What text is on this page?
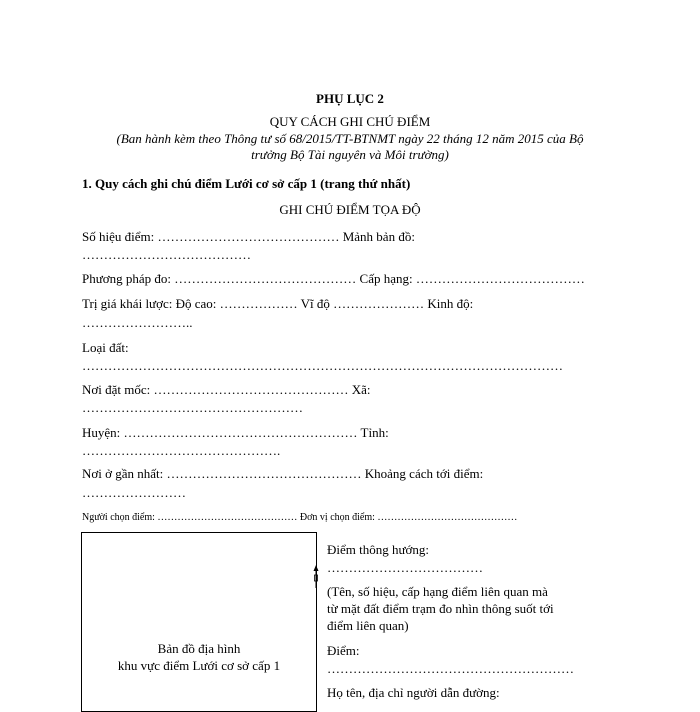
PHỤ LỤC 2
QUY CÁCH GHI CHÚ ĐIỂM
(Ban hành kèm theo Thông tư số 68/2015/TT-BTNMT ngày 22 tháng 12 năm 2015 của Bộ
trưởng Bộ Tài nguyên và Môi trường)
1. Quy cách ghi chú điểm Lưới cơ sở cấp 1 (trang thứ nhất)
GHI CHÚ ĐIỂM TỌA ĐỘ
Số hiệu điểm: …………………………………… Mảnh bản đồ:
…………………………………
Phương pháp đo: …………………………………… Cấp hạng: …………………………………
Trị giá khái lược: Độ cao: ……………… Vĩ độ ………………… Kinh độ:
……………………..
Loại đất:
…………………………………………………………………………………………………
Nơi đặt mốc: ……………………………………… Xã:
……………………………………………
Huyện: ……………………………………………… Tỉnh:
……………………………………….
Nơi ở gần nhất: ……………………………………… Khoảng cách tới điểm:
……………………
Người chọn điểm: …………………………………… Đơn vị chọn điểm: ……………………………………
Bản đồ địa hình
khu vực điểm Lưới cơ sở cấp 1
Điểm thông hướng:
………………………………
(Tên, số hiệu, cấp hạng điểm liên quan mà
từ mặt đất điểm trạm đo nhìn thông suốt tới
điểm liên quan)
Điểm:
…………………………………………………
Họ tên, địa chỉ người dẫn đường:
